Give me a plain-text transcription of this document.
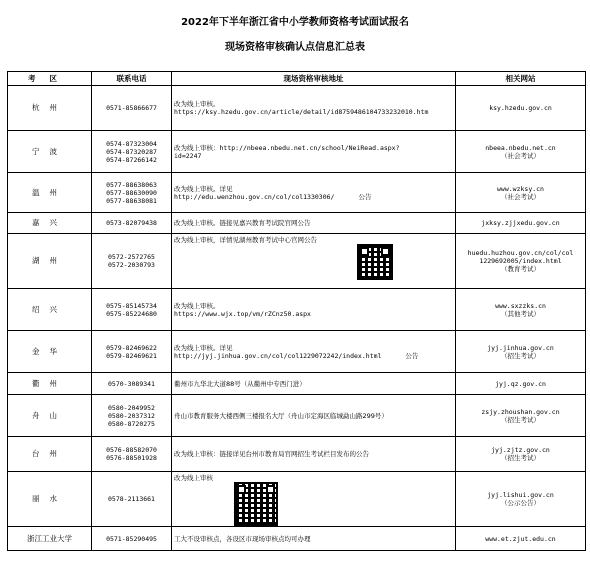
2022年下半年浙江省中小学教师资格考试面试报名
现场资格审核确认点信息汇总表
考区	联系电话	现场资格审核地址	相关网站
杭州	0571-85866677	改为线上审核。
https://ksy.hzedu.gov.cn/article/detail/id8759486104733232010.htm	ksy.hzedu.gov.cn

宁波	0574-87323004
0574-87320287
0574-87266142	改为线上审核：http://nbeea.nbedu.net.cn/school/NeiRead.aspx?
id=2247	nbeea.nbedu.net.cn
（社会考试）

温州	0577-88638063
0577-88630090
0577-88638081	改为线上审核。详见
http://edu.wenzhou.gov.cn/col/col1330306/ 公告	www.wzksy.cn
（社会考试）

嘉兴	0573-82079438	改为线上审核。链接见嘉兴教育考试院官网公告	jxksy.zjjxedu.gov.cn

湖州	0572-2572765
0572-2030793	改为线上审核，详情见湖州教育考试中心官网公告	huedu.huzhou.gov.cn/col/col
1229692005/index.html
（教育考试）

绍兴	0575-85145734
0575-85224680	改为线上审核。
https://www.wjx.top/vm/rZCnz50.aspx	www.sxzzks.cn
（其他考试）

金华	0579-82469622
0579-82469621	改为线上审核。详见
http://jyj.jinhua.gov.cn/col/col1229072242/index.html 公告	jyj.jinhua.gov.cn
（招生考试）

衢州	0570-3089341	衢州市九华北大道88号（从衢州中专西门进）	jyj.qz.gov.cn

舟山	0580-2049952
0580-2037312
0580-8720275	舟山市教育服务大楼西侧三楼报名大厅（舟山市定海区临城勐山路299号）	zsjy.zhoushan.gov.cn
（招生考试）

台州	0576-88582070
0576-88501928	改为线上审核：链接详见台州市教育局官网招生考试栏目发布的公告	jyj.zjtz.gov.cn
（招生考试）

丽水	0578-2113661	改为线上审核	jyj.lishui.gov.cn
（公示公告）

浙江工业大学	0571-85290495	工大不设审核点，各设区市现场审核点均可办理	www.et.zjut.edu.cn
